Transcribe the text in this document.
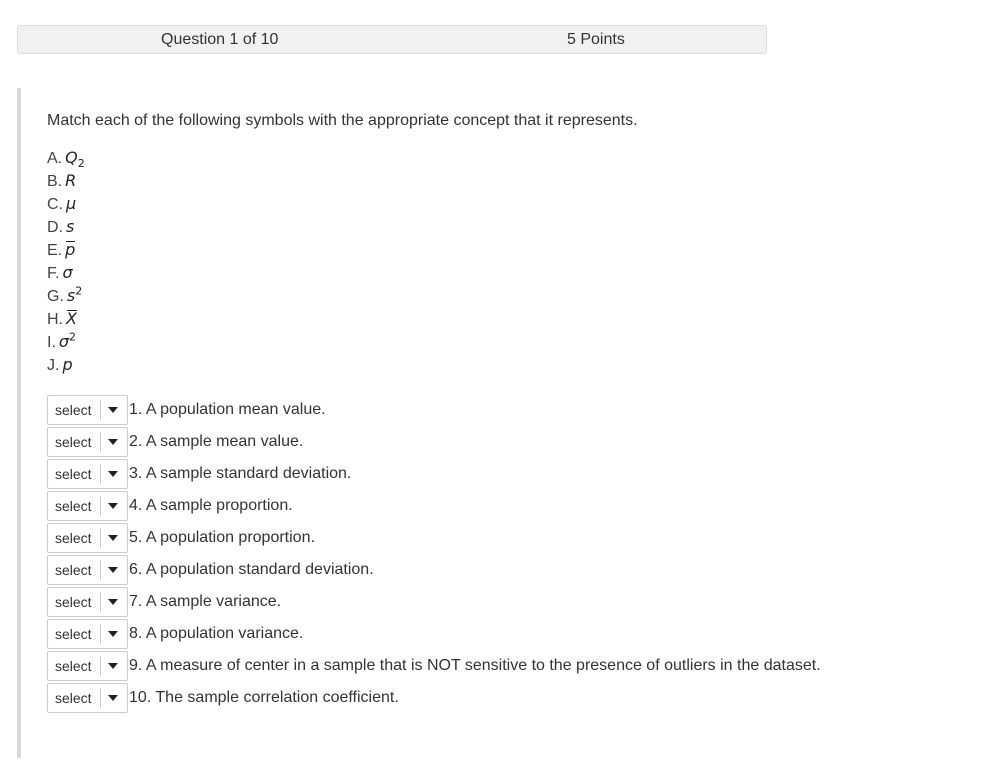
Question 1 of 10	5 Points
Match each of the following symbols with the appropriate concept that it represents.
A. $Q_2$
B. R
C. μ
D. s
E. p
F. σ
G. $s^2$
H. X
I. $\sigma^2$
J. p
select	1. A population mean value.
select	2. A sample mean value.
select	3. A sample standard deviation.
select	4. A sample proportion.
select	5. A population proportion.
select	6. A population standard deviation.
select	7. A sample variance.
select	8. A population variance.
select	9. A measure of center in a sample that is NOT sensitive to the presence of outliers in the dataset.
select	10. The sample correlation coefficient.
